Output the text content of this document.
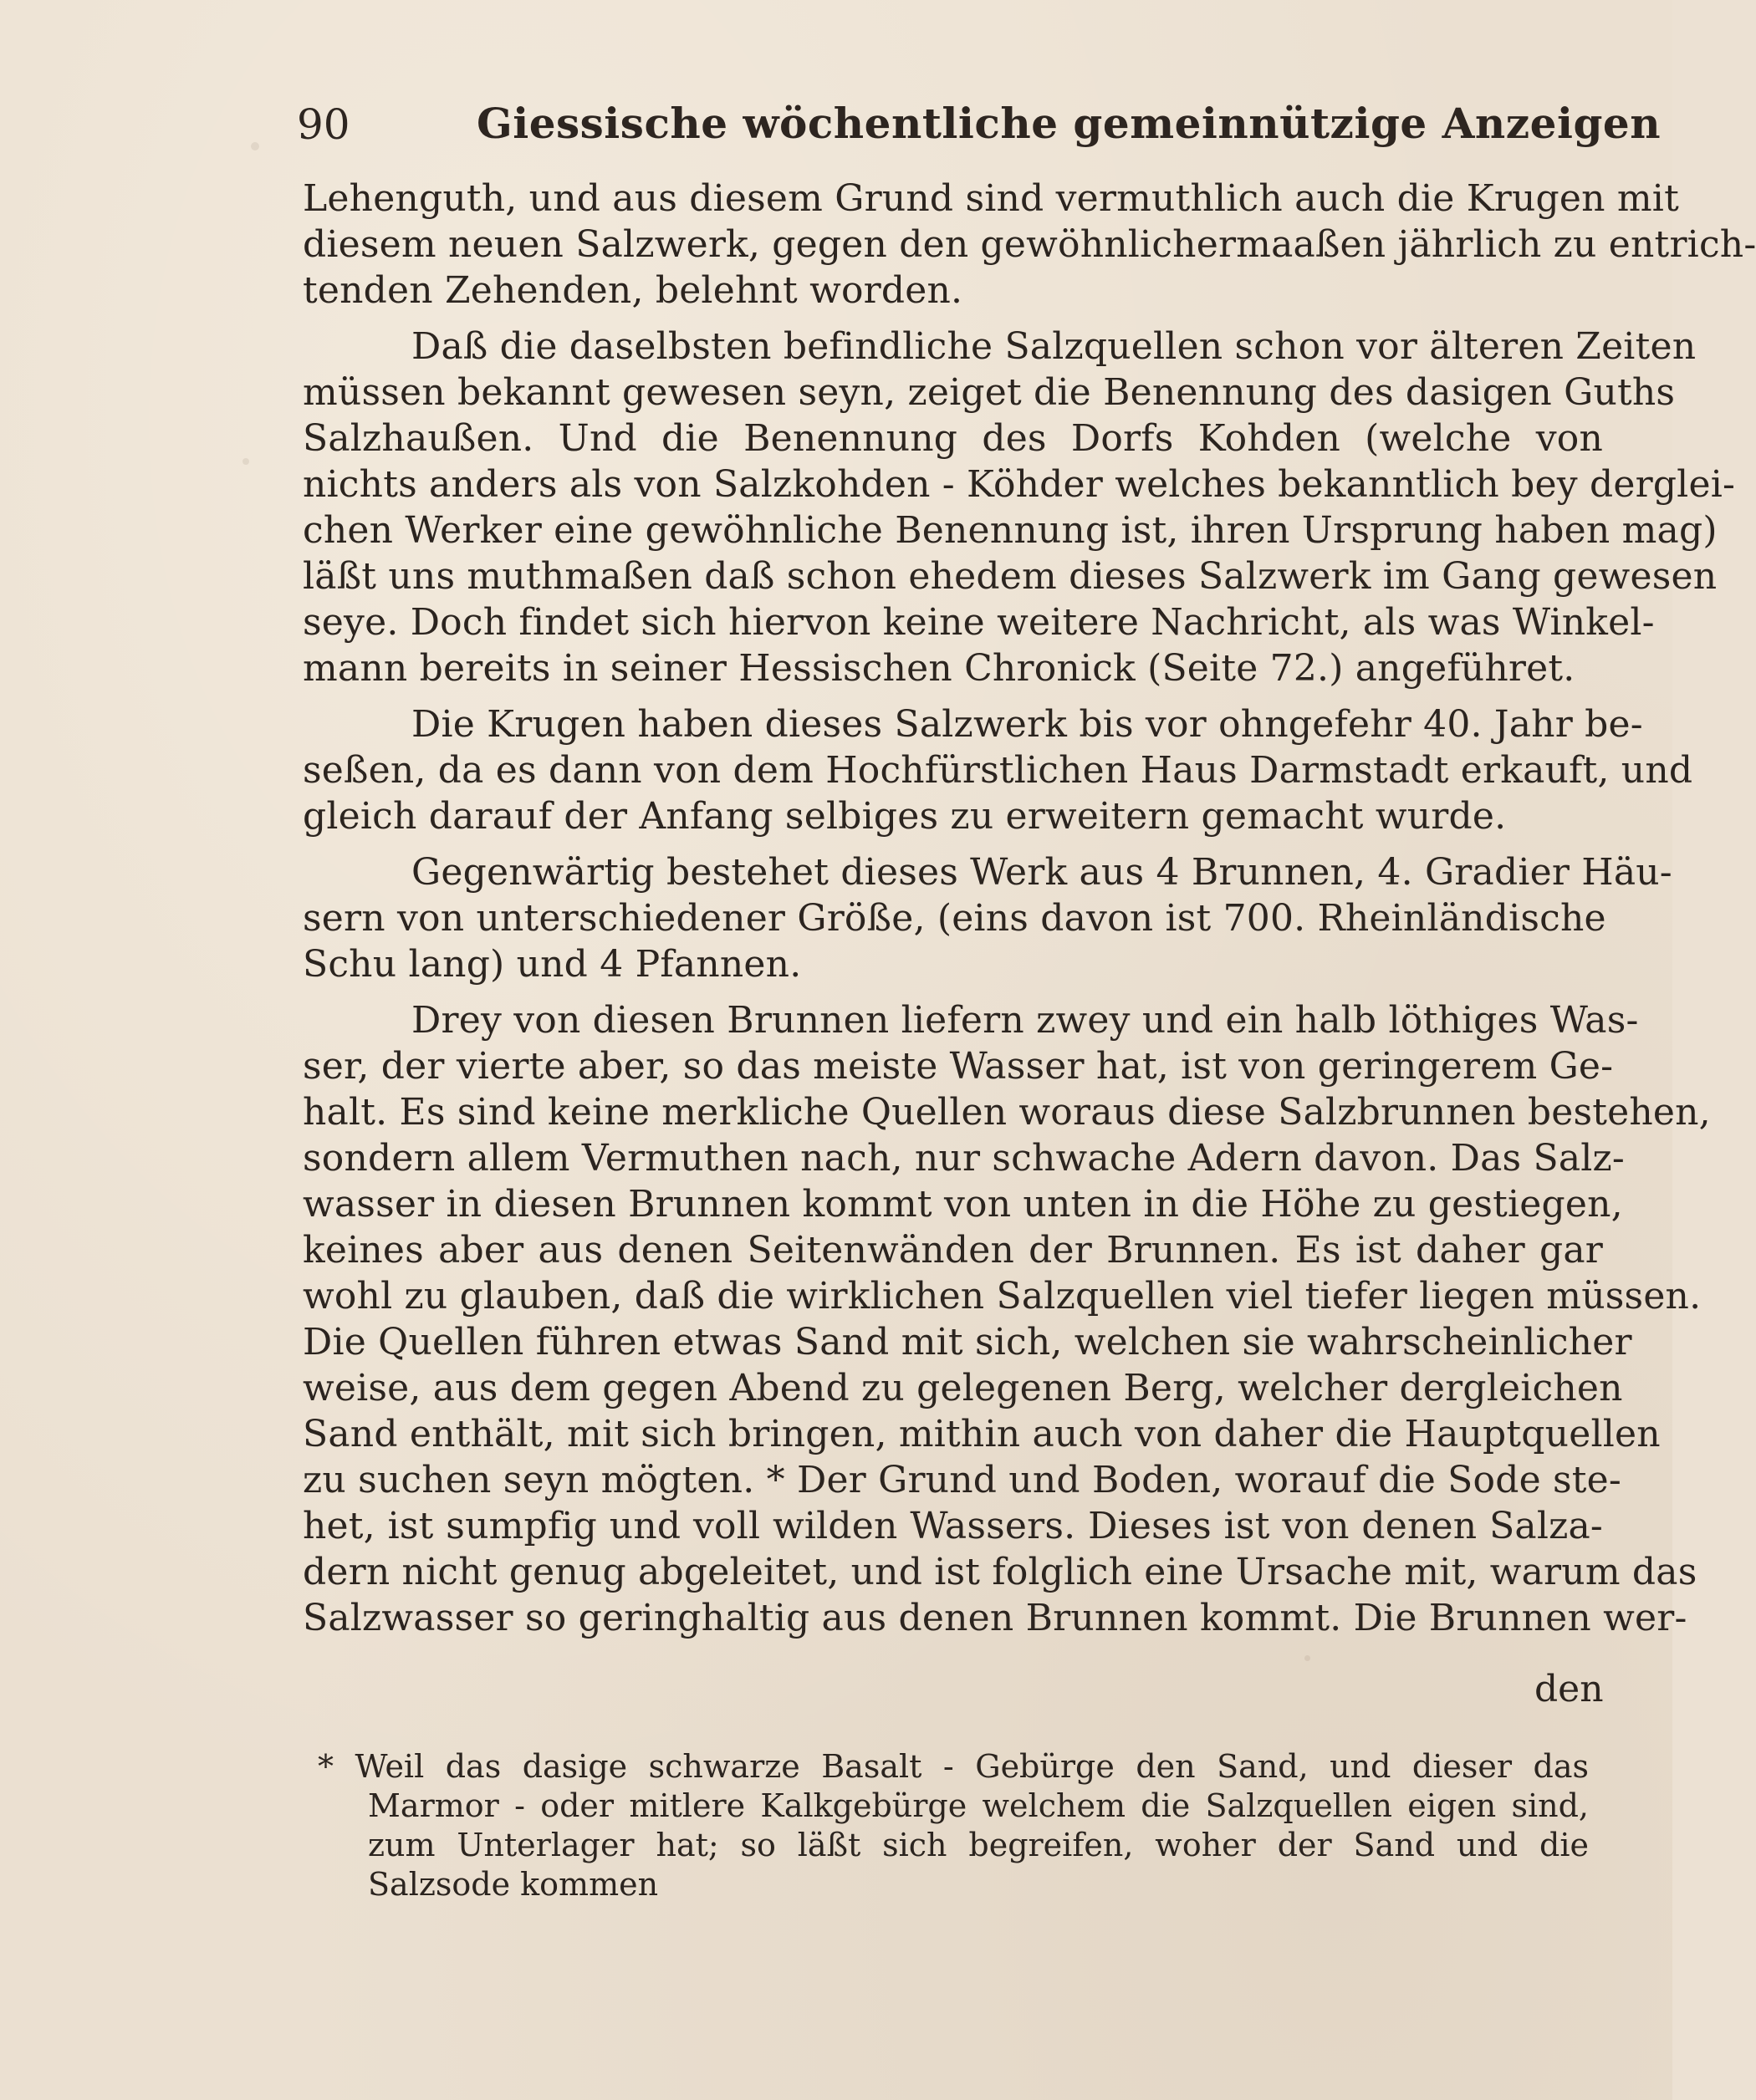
90	Giessische wöchentliche gemeinnützige Anzeigen
Lehenguth, und aus diesem Grund sind vermuthlich auch die Krugen mit
diesem neuen Salzwerk, gegen den gewöhnlichermaaßen jährlich zu entrich-
tenden Zehenden, belehnt worden.
Daß die daselbsten befindliche Salzquellen schon vor älteren Zeiten
müssen bekannt gewesen seyn, zeiget die Benennung des dasigen Guths
Salzhaußen. Und die Benennung des Dorfs Kohden (welche von
nichts anders als von Salzkohden - Köhder welches bekanntlich bey derglei-
chen Werker eine gewöhnliche Benennung ist, ihren Ursprung haben mag)
läßt uns muthmaßen daß schon ehedem dieses Salzwerk im Gang gewesen
seye. Doch findet sich hiervon keine weitere Nachricht, als was Winkel-
mann bereits in seiner Hessischen Chronick (Seite 72.) angeführet.
Die Krugen haben dieses Salzwerk bis vor ohngefehr 40. Jahr be-
seßen, da es dann von dem Hochfürstlichen Haus Darmstadt erkauft, und
gleich darauf der Anfang selbiges zu erweitern gemacht wurde.
Gegenwärtig bestehet dieses Werk aus 4 Brunnen, 4. Gradier Häu-
sern von unterschiedener Größe, (eins davon ist 700. Rheinländische
Schu lang) und 4 Pfannen.
Drey von diesen Brunnen liefern zwey und ein halb löthiges Was-
ser, der vierte aber, so das meiste Wasser hat, ist von geringerem Ge-
halt. Es sind keine merkliche Quellen woraus diese Salzbrunnen bestehen,
sondern allem Vermuthen nach, nur schwache Adern davon. Das Salz-
wasser in diesen Brunnen kommt von unten in die Höhe zu gestiegen,
keines aber aus denen Seitenwänden der Brunnen. Es ist daher gar
wohl zu glauben, daß die wirklichen Salzquellen viel tiefer liegen müssen.
Die Quellen führen etwas Sand mit sich, welchen sie wahrscheinlicher
weise, aus dem gegen Abend zu gelegenen Berg, welcher dergleichen
Sand enthält, mit sich bringen, mithin auch von daher die Hauptquellen
zu suchen seyn mögten. * Der Grund und Boden, worauf die Sode ste-
het, ist sumpfig und voll wilden Wassers. Dieses ist von denen Salza-
dern nicht genug abgeleitet, und ist folglich eine Ursache mit, warum das
Salzwasser so geringhaltig aus denen Brunnen kommt. Die Brunnen wer-
den
* Weil das dasige schwarze Basalt - Gebürge den Sand, und dieser das
Marmor - oder mitlere Kalkgebürge welchem die Salzquellen eigen sind,
zum Unterlager hat; so läßt sich begreifen, woher der Sand und die
Salzsode kommen
